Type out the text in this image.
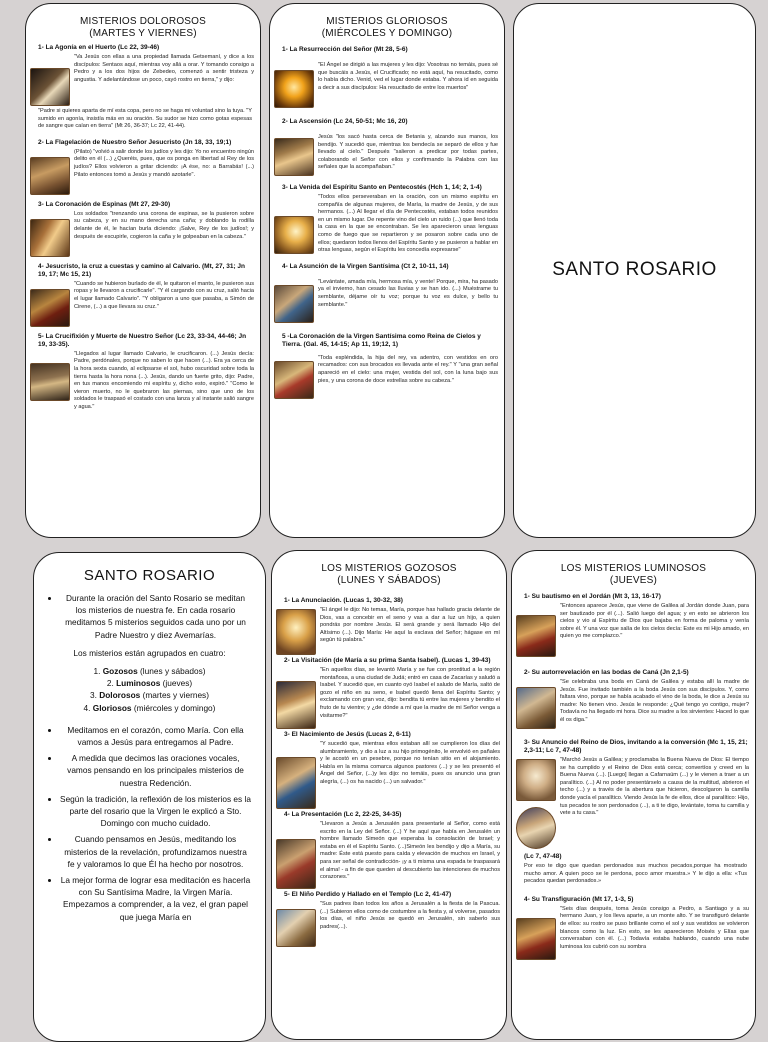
MISTERIOS DOLOROSOS
(MARTES Y VIERNES)
1- La Agonía en el Huerto (Lc 22, 39-46)
"Va Jesús con ellas a una propiedad llamada Getsemaní, y dice a los discípulos: Sentaos aquí, mientras voy allá a orar. Y tomando consigo a Pedro y a los dos hijos de Zebedeo, comenzó a sentir tristeza y angustia. Y adelantándose un poco, cayó rostro en tierra," y dijo:
"Padre si quieres aparta de mí esta copa, pero no se haga mi voluntad sino la tuya. "Y sumido en agonía, insistía más en su oración. Su sudor se hizo como gotas espesas de sangre que caían en tierra" (Mt 26, 36-37; Lc 22, 41-44).
2- La Flagelación de Nuestro Señor Jesucristo (Jn 18, 33, 19;1)
(Pilato) "volvió a salir donde los judíos y les dijo: Yo no encuentro ningún delito en él (...) ¿Queréis, pues, que os ponga en libertad al Rey de los judíos? Ellos volvieron a gritar diciendo: ¡A ése, no: a Barrabás! (...) Pilato entonces tomó a Jesús y mandó azotarle".
3- La Coronación de Espinas (Mt 27, 29-30)
Los soldados "trenzando una corona de espinas, se la pusieron sobre su cabeza, y en su mano derecha una caña; y doblando la rodilla delante de él, le hacían burla diciendo: ¡Salve, Rey de los judíos!; y después de escupirle, cogieron la caña y le golpeaban en la cabeza."
4- Jesucristo, la cruz a cuestas y camino al Calvario. (Mt, 27, 31; Jn 19, 17; Mc 15, 21)
"Cuando se hubieron burlado de él, le quitaron el manto, le pusieron sus ropas y le llevaron a crucificarle". "Y él cargando con su cruz, salió hacia el lugar llamado Calvario". "Y obligaron a uno que pasaba, a Simón de Cirene, (...) a que llevara su cruz."
5- La Crucifixión y Muerte de Nuestro Señor (Lc 23, 33-34, 44-46; Jn 19, 33-35).
"Llegados al lugar llamado Calvario, le crucificaron. (...) Jesús decía: Padre, perdónales, porque no saben lo que hacen (...). Era ya cerca de la hora sexta cuando, al eclipsarse el sol, hubo oscuridad sobre toda la tierra hasta la hora nona (...). Jesús, dando un fuerte grito, dijo: Padre, en tus manos encomiendo mi espíritu y, dicho esto, expiró." "Como le vieron muerto, no le quebraron las piernas, sino que uno de los soldados le traspasó el costado con una lanza y al instante salió sangre y agua."
MISTERIOS GLORIOSOS
(MIÉRCOLES Y DOMINGO)
1- La Resurrección del Señor (Mt 28, 5-6)
"El Ángel se dirigió a las mujeres y les dijo: Vosotras no temáis, pues sé que buscáis a Jesús, el Crucificado; no está aquí, ha resucitado, como lo había dicho. Venid, ved el lugar donde estaba. Y ahora id en seguida a decir a sus discípulos: Ha resucitado de entre los muertos"
2- La Ascensión (Lc 24, 50-51; Mc 16, 20)
Jesús "los sacó hasta cerca de Betania y, alzando sus manos, los bendijo. Y sucedió que, mientras los bendecía se separó de ellos y fue llevado al cielo." Después "salieron a predicar por todas partes, colaborando el Señor con ellos y confirmando la Palabra con las señales que la acompañaban."
3- La Venida del Espíritu Santo en Pentecostés (Hch 1, 14; 2, 1-4)
"Todos ellos perseveraban en la oración, con un mismo espíritu en compañía de algunas mujeres, de María, la madre de Jesús, y de sus hermanos. (...) Al llegar el día de Pentecostés, estaban todos reunidos en un mismo lugar. De repente vino del cielo un ruido (...) que llenó toda la casa en la que se encontraban. Se les aparecieron unas lenguas como de fuego que se repartieron y se posaron sobre cada uno de ellos; quedaron todos llenos del Espíritu Santo y se pusieron a hablar en otras lenguas, según el Espíritu les concedía expresarse"
4- La Asunción de la Virgen Santísima (Ct 2, 10-11, 14)
"Levántate, amada mía, hermosa mía, y vente! Porque, mira, ha pasado ya el invierno, han cesado las lluvias y se han ido. (...) Muéstrame tu semblante, déjame oír tu voz; porque tu voz es dulce, y bello tu semblante."
5 -La Coronación de la Virgen Santísima como Reina de Cielos y Tierra. (Gal. 45, 14-15; Ap 11, 19;12, 1)
"Toda espléndida, la hija del rey, va adentro, con vestidos en oro recamados: con sus brocados es llevada ante el rey." Y "una gran señal apareció en el cielo: una mujer, vestida del sol, con la luna bajo sus pies, y una corona de doce estrellas sobre su cabeza."
SANTO ROSARIO
SANTO ROSARIO
• Durante la oración del Santo Rosario se meditan los misterios de nuestra fe. En cada rosario meditamos 5 misterios seguidos cada uno por un Padre Nuestro y diez Avemarías.
Los misterios están agrupados en cuatro:
1. Gozosos (lunes y sábados)
2. Luminosos (jueves)
3. Dolorosos (martes y viernes)
4. Gloriosos (miércoles y domingo)
• Meditamos en el corazón, como María. Con ella vamos a Jesús para entregamos al Padre.
• A medida que decimos las oraciones vocales, vamos pensando en los principales misterios de nuestra Redención.
• Según la tradición, la reflexión de los misterios es la parte del rosario que la Virgen le explicó a Sto. Domingo con mucho cuidado.
• Cuando pensamos en Jesús, meditando los misterios de la revelación, profundizamos nuestra fe y valoramos lo que Él ha hecho por nosotros.
• La mejor forma de lograr esa meditación es hacerla con Su Santísima Madre, la Virgen María. Empezamos a comprender, a la vez, el gran papel que juega María en
LOS MISTERIOS GOZOSOS
(LUNES Y SÁBADOS)
1- La Anunciación. (Lucas 1, 30-32, 38)
"El ángel le dijo: No temas, María, porque has hallado gracia delante de Dios, vas a concebir en el seno y vas a dar a luz un hijo, a quien pondrás por nombre Jesús. El será grande y será llamado Hijo del Altísimo (...). Dijo María: He aquí la esclava del Señor; hágase en mí según tú palabra."
2- La Visitación (de María a su prima Santa Isabel). (Lucas 1, 39-43)
"En aquellos días, se levantó María y se fue con prontitud a la región montañosa, a una ciudad de Judá; entró en casa de Zacarías y saludó a Isabel. Y sucedió que, en cuanto oyó Isabel el saludo de María, saltó de gozo el niño en su seno, e Isabel quedó llena del Espíritu Santo; y exclamando con gran voz, dijo: bendita tú entre las mujeres y bendito el fruto de tu vientre; y ¿de dónde a mí que la madre de mi Señor venga a visitarme?"
3- El Nacimiento de Jesús (Lucas 2, 6-11)
"Y sucedió que, mientras ellos estaban allí se cumplieron los días del alumbramiento, y dio a luz a su hijo primogénito, le envolvió en pañales y le acostó en un pesebre, porque no tenían sitio en el alojamiento. Había en la misma comarca algunos pastores (...) y se les presentó el Ángel del Señor, (...)y les dijo: no temáis, pues os anuncio una gran alegría, (...) os ha nacido (...) un salvador."
4- La Presentación (Lc 2, 22-25, 34-35)
"Llevaron a Jesús a Jerusalén para presentarle al Señor, como está escrito en la Ley del Señor. (...) Y he aquí que había en Jerusalén un hombre llamado Simeón que esperaba la consolación de Israel; y estaba en él el Espíritu Santo. (...)Simeón les bendijo y dijo a María, su madre: Éste está puesto para caída y elevación de muchos en Israel, y para ser señal de contradicción- ¡y a ti misma una espada te traspasará el alma! - a fin de que queden al descubierto las intenciones de muchos corazones."
5- El Niño Perdido y Hallado en el Templo (Lc 2, 41-47)
"Sus padres iban todos los años a Jerusalén a la fiesta de la Pascua. (...) Subieron ellos como de costumbre a la fiesta y, al volverse, pasados los días, el niño Jesús se quedó en Jerusalén, sin saberlo sus padres(...).
LOS MISTERIOS LUMINOSOS
(JUEVES)
1- Su bautismo en el Jordán (Mt 3, 13, 16-17)
"Entonces aparece Jesús, que viene de Galilea al Jordán donde Juan, para ser bautizado por él (...). Salió luego del agua; y en esto se abrieron los cielos y vio al Espíritu de Dios que bajaba en forma de paloma y venía sobre él. Y una voz que salía de los cielos decía: Este es mi Hijo amado, en quien yo me complazco."
2- Su autorrevelación en las bodas de Caná (Jn 2,1-5)
"Se celebraba una boda en Caná de Galilea y estaba allí la madre de Jesús. Fue invitado también a la boda Jesús con sus discípulos. Y, como faltara vino, porque se había acabado el vino de la boda, le dice a Jesús su madre: No tienen vino. Jesús le responde: ¿Qué tengo yo contigo, mujer? Todavía no ha llegado mi hora. Dice su madre a los sirvientes: Haced lo que él os diga."
3- Su Anuncio del Reino de Dios, invitando a la conversión (Mc 1, 15, 21; 2,3-11; Lc 7, 47-48)
"Marchó Jesús a Galilea; y proclamaba la Buena Nueva de Dios: El tiempo se ha cumplido y el Reino de Dios está cerca; convertíos y creed en la Buena Nueva (...). [Luego] llegan a Cafarnaúm (...) y le vienen a traer a un paralítico. (...) Al no poder presentárselo a causa de la multitud, abrieron el techo (...) y a través de la abertura que hicieron, descolgaron la camilla donde yacía el paralítico. Viendo Jesús la fe de ellos, dice al paralítico: Hijo, tus pecados te son perdonados (...), a ti te digo, levántate, toma tu camilla y vete a tu casa."
(Lc 7, 47-48)
Por eso te digo que quedan perdonados sus muchos pecados,porque ha mostrado mucho amor. A quien poco se le perdona, poco amor muestra.» Y le dijo a ella: «Tus pecados quedan perdonados.»
4- Su Transfiguración (Mt 17, 1-3, 5)
"Seis días después, toma Jesús consigo a Pedro, a Santiago y a su hermano Juan, y los lleva aparte, a un monte alto. Y se transfiguró delante de ellos: su rostro se puso brillante como el sol y sus vestidos se volvieron blancos como la luz. En esto, se les aparecieron Moisés y Elías que conversaban con él. (...) Todavía estaba hablando, cuando una nube luminosa los cubrió con su sombra
